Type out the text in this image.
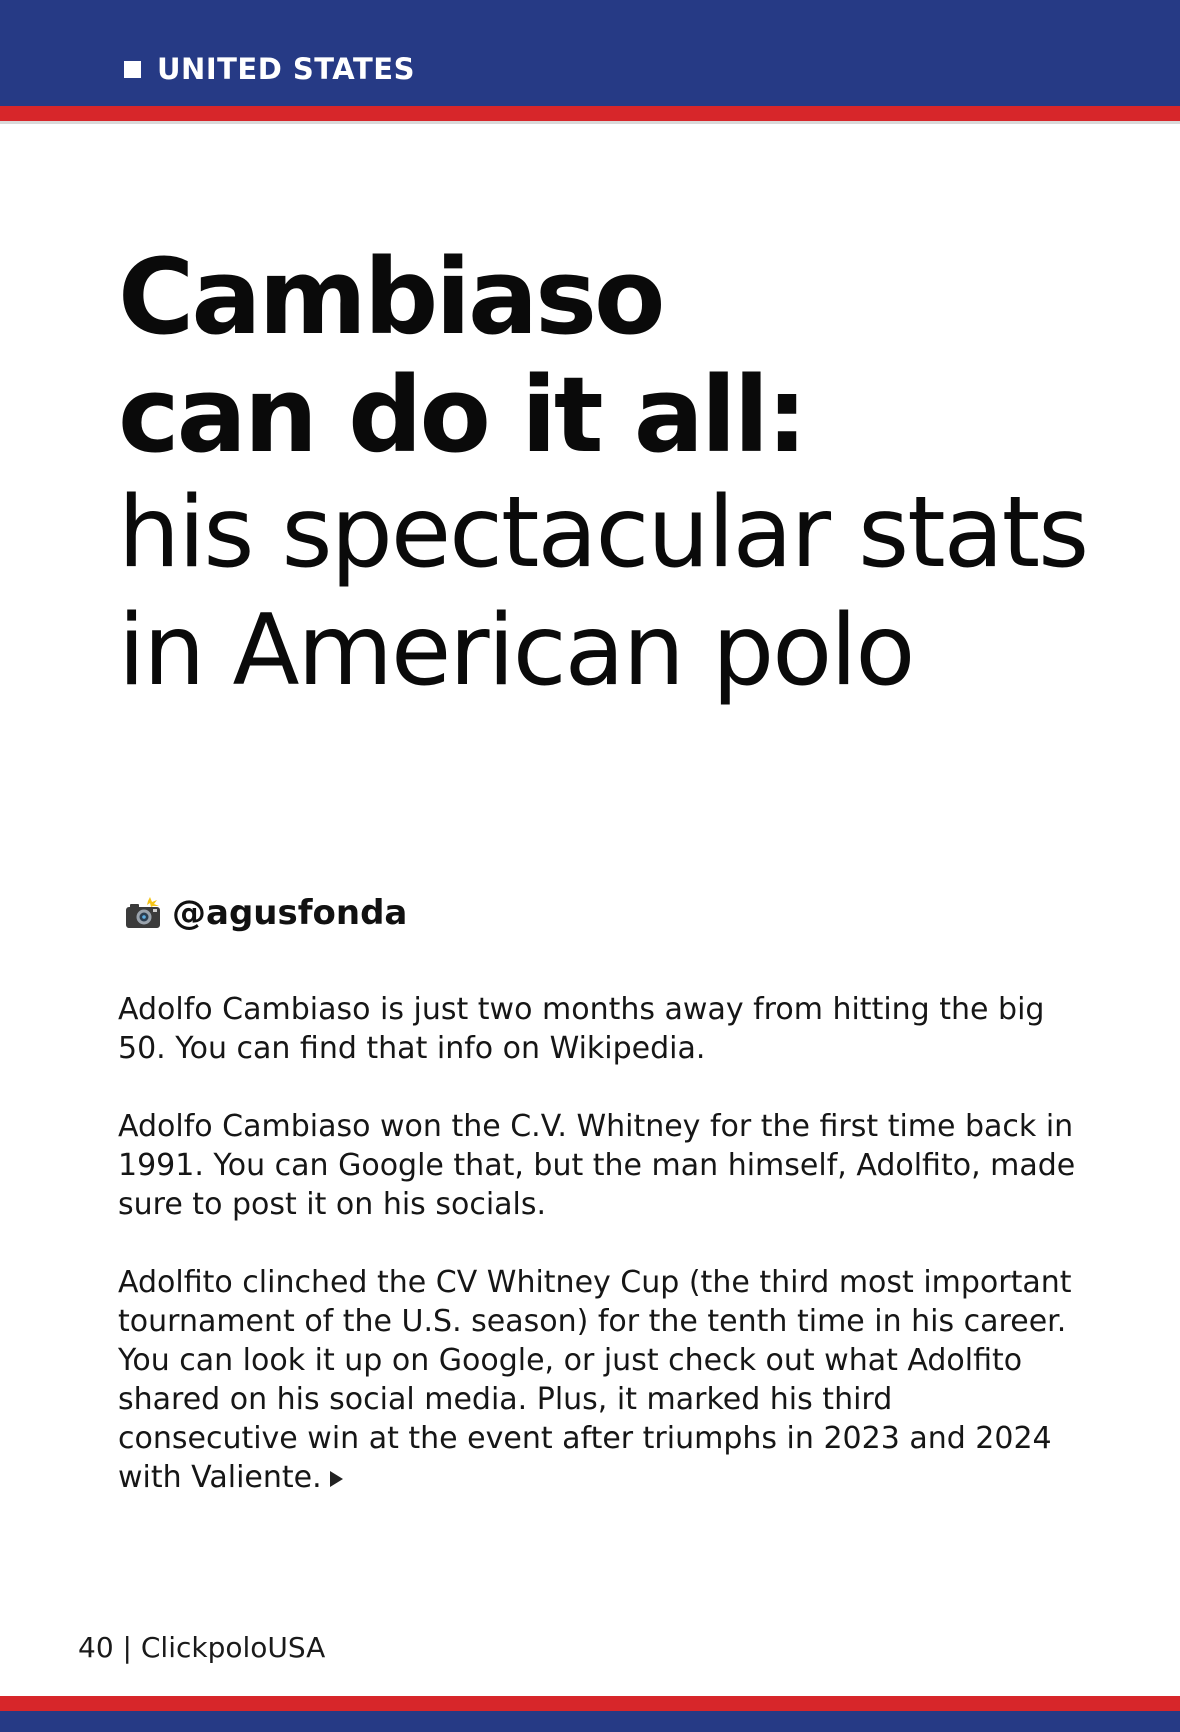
UNITED STATES
Cambiaso
can do it all:
his spectacular stats in American polo
@agusfonda

Adolfo Cambiaso is just two months away from hitting the big 50. You can find that info on Wikipedia.

Adolfo Cambiaso won the C.V. Whitney for the first time back in 1991. You can Google that, but the man himself, Adolfito, made sure to post it on his socials.

Adolfito clinched the CV Whitney Cup (the third most important tournament of the U.S. season) for the tenth time in his career. You can look it up on Google, or just check out what Adolfito shared on his social media. Plus, it marked his third consecutive win at the event after triumphs in 2023 and 2024 with Valiente.

40 | ClickpoloUSA
